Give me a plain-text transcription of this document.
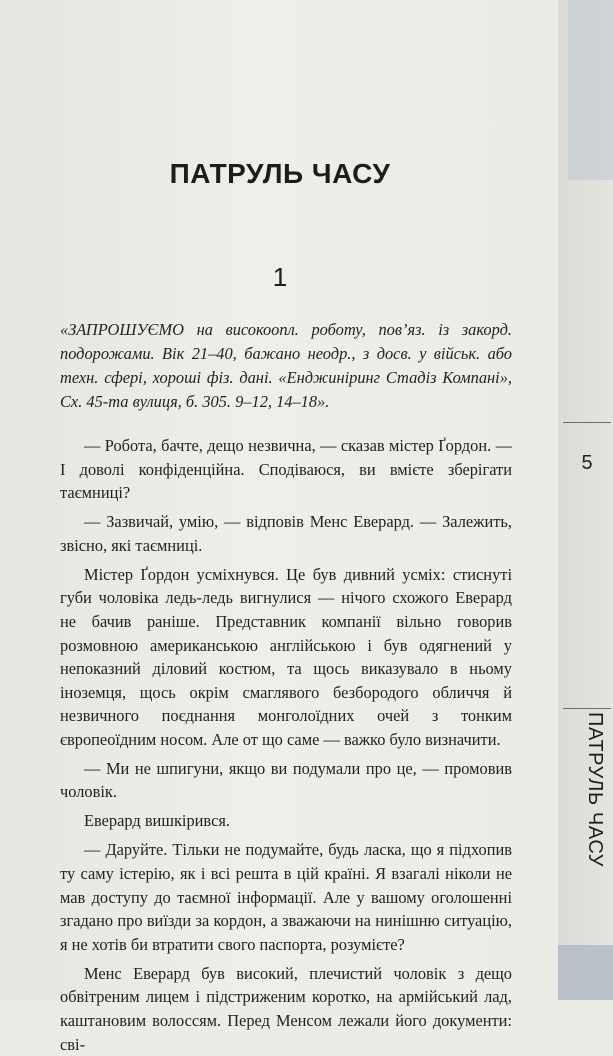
ПАТРУЛЬ ЧАСУ
1
«ЗАПРОШУЄМО на високоопл. роботу, пов’яз. із закорд. подорожами. Вік 21–40, бажано неодр., з досв. у військ. або техн. сфері, хороші фіз. дані. «Енджиніринг Стадіз Компані», Сх. 45-та вулиця, б. 305. 9–12, 14–18».

— Робота, бачте, дещо незвична, — сказав містер Ґордон. — І доволі конфіденційна. Сподіваюся, ви вмієте зберігати таємниці?

— Зазвичай, умію, — відповів Менс Еверард. — Залежить, звісно, які таємниці.

Містер Ґордон усміхнувся. Це був дивний усміх: стиснуті губи чоловіка ледь-ледь вигнулися — нічого схожого Еверард не бачив раніше. Представник компанії вільно говорив розмовною американською англійською і був одягнений у непоказний діловий костюм, та щось виказувало в ньому іноземця, щось окрім смаглявого безбородого обличчя й незвичного поєднання монголоїдних очей з тонким європеоїдним носом. Але от що саме — важко було визначити.

— Ми не шпигуни, якщо ви подумали про це, — промовив чоловік.

Еверард вишкірився.

— Даруйте. Тільки не подумайте, будь ласка, що я підхопив ту саму істерію, як і всі решта в цій країні. Я взагалі ніколи не мав доступу до таємної інформації. Але у вашому оголошенні згадано про виїзди за кордон, а зважаючи на нинішню ситуацію, я не хотів би втратити свого паспорта, розумієте?

Менс Еверард був високий, плечистий чоловік з дещо обвітреним лицем і підстриженим коротко, на армійський лад, каштановим волоссям. Перед Менсом лежали його документи: сві-

5
ПАТРУЛЬ ЧАСУ
